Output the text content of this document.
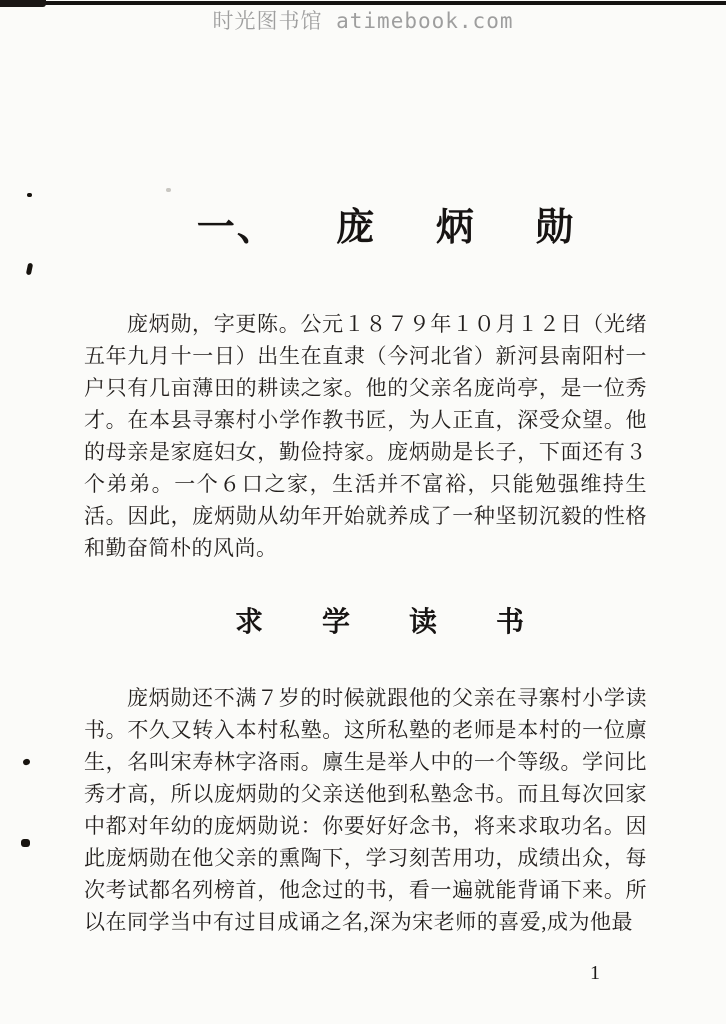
时光图书馆 atimebook.com
一、 庞 炳 勋
庞炳勋，字更陈。公元１８７９年１０月１２日（光绪
五年九月十一日）出生在直隶（今河北省）新河县南阳村一
户只有几亩薄田的耕读之家。他的父亲名庞尚亭，是一位秀
才。在本县寻寨村小学作教书匠，为人正直，深受众望。他
的母亲是家庭妇女，勤俭持家。庞炳勋是长子，下面还有３
个弟弟。一个６口之家，生活并不富裕，只能勉强维持生
活。因此，庞炳勋从幼年开始就养成了一种坚韧沉毅的性格
和勤奋简朴的风尚。
求 学 读 书
庞炳勋还不满７岁的时候就跟他的父亲在寻寨村小学读
书。不久又转入本村私塾。这所私塾的老师是本村的一位廪
生，名叫宋寿林字洛雨。廪生是举人中的一个等级。学问比
秀才高，所以庞炳勋的父亲送他到私塾念书。而且每次回家
中都对年幼的庞炳勋说：你要好好念书，将来求取功名。因
此庞炳勋在他父亲的熏陶下，学习刻苦用功，成绩出众，每
次考试都名列榜首，他念过的书，看一遍就能背诵下来。所
以在同学当中有过目成诵之名,深为宋老师的喜爱,成为他最
1
